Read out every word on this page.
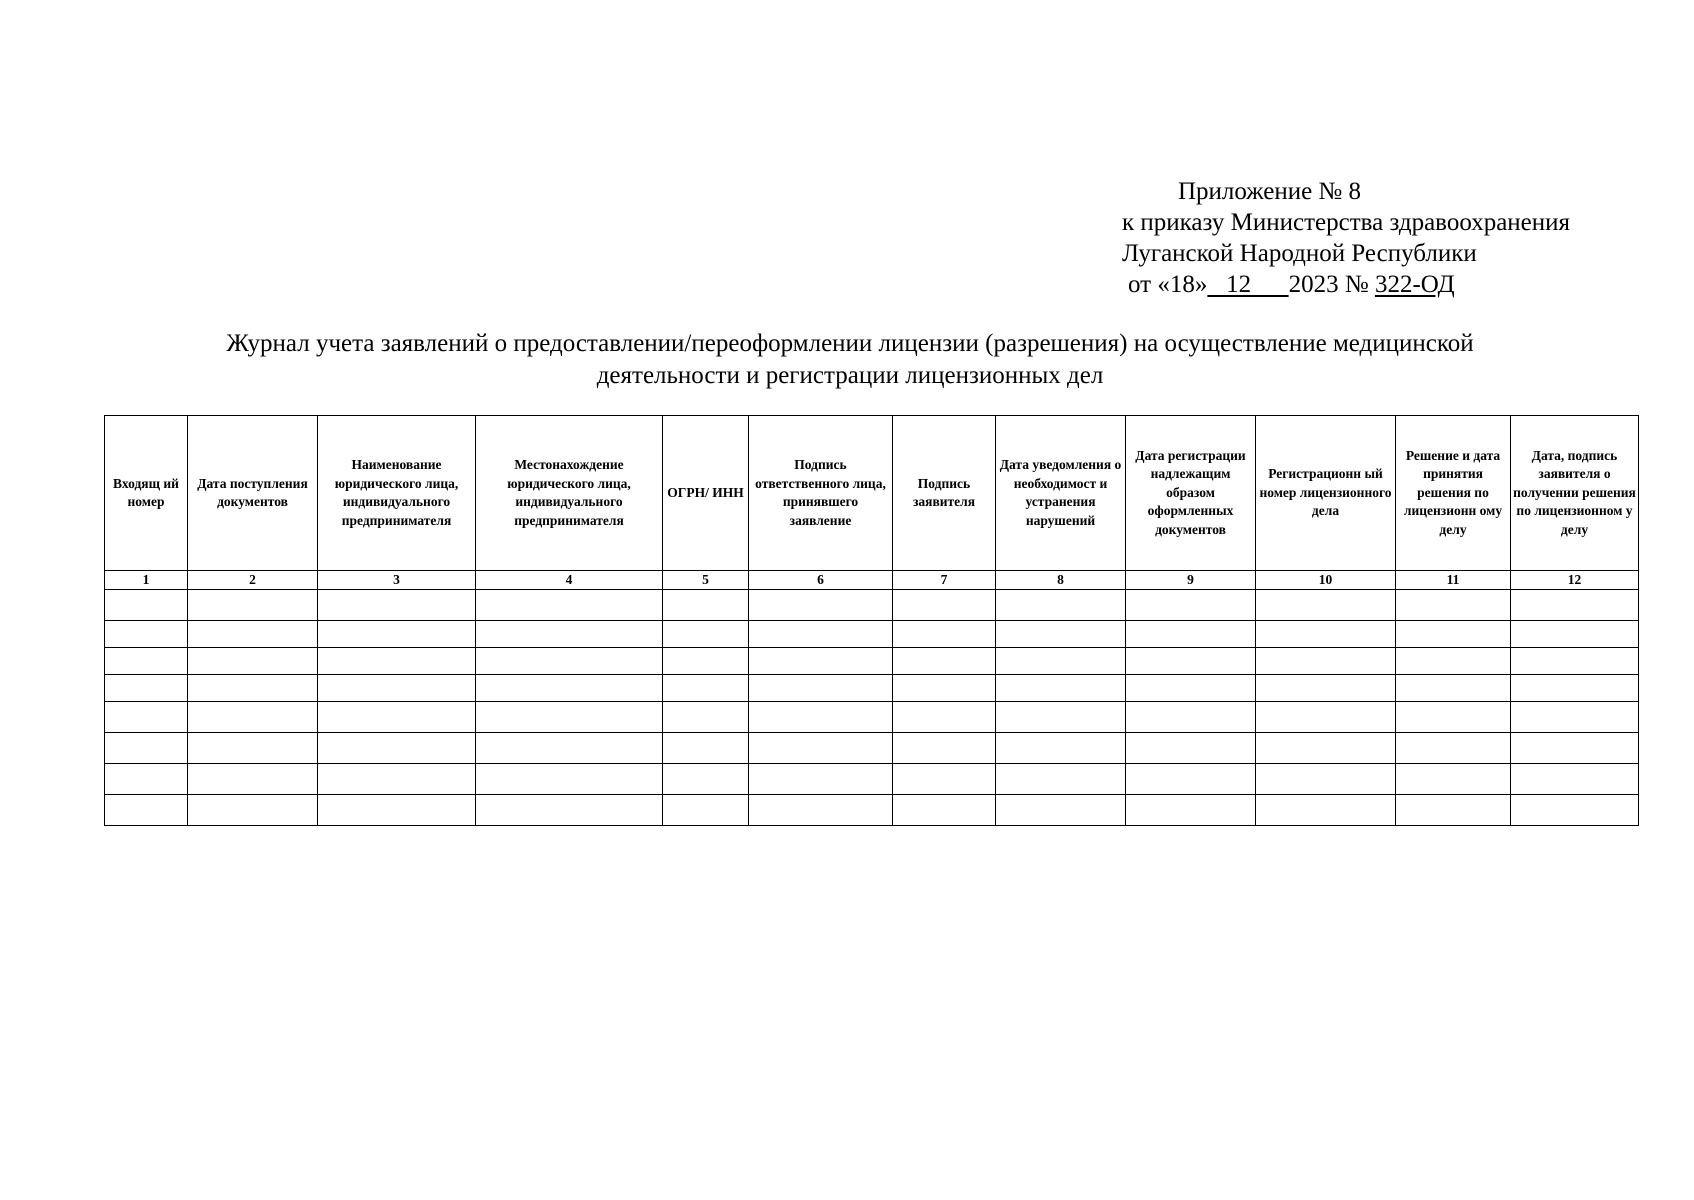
Приложение № 8
к приказу Министерства здравоохранения
Луганской Народной Республики
от «18»   12      2023 № 322-ОД
Журнал учета заявлений о предоставлении/переоформлении лицензии (разрешения) на осуществление медицинской
деятельности и регистрации лицензионных дел
Входящ ий номер	Дата поступления документов	Наименование юридического лица, индивидуального предпринимателя	Местонахождение юридического лица, индивидуального предпринимателя	ОГРН/ ИНН	Подпись ответственного лица, принявшего заявление	Подпись заявителя	Дата уведомления о необходимост и устранения нарушений	Дата регистрации надлежащим образом оформленных документов	Регистрационн ый номер лицензионного дела	Решение и дата принятия решения по лицензионн ому делу	Дата, подпись заявителя о получении решения по лицензионном у делу
1	2	3	4	5	6	7	8	9	10	11	12
